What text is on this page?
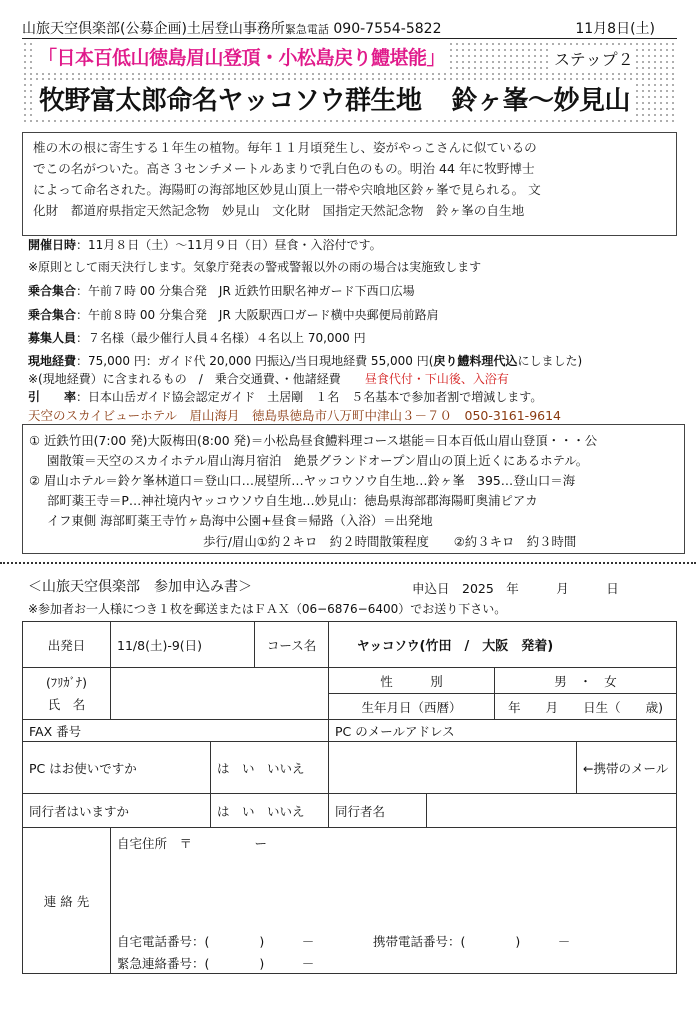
山旅天空倶楽部(公募企画)土居登山事務所緊急電話 090-7554-5822	11月8日(土)
「日本百低山徳島眉山登頂・小松島戻り鱧堪能」	ステップ２
牧野富太郎命名ヤッコソウ群生地 鈴ヶ峯～妙見山
椎の木の根に寄生する１年生の植物。毎年１１月頃発生し、姿がやっこさんに似ているの
でこの名がついた。高さ３センチメートルあまりで乳白色のもの。明治 44 年に牧野博士
によって命名された。海陽町の海部地区妙見山頂上一帯や宍喰地区鈴ヶ峯で見られる。 文
化財　都道府県指定天然記念物　妙見山　文化財　国指定天然記念物　鈴ヶ峯の自生地
開催日時：11月８日（土）～11月９日（日）昼食・入浴付です。
※原則として雨天決行します。気象庁発表の警戒警報以外の雨の場合は実施致します
乗合集合：午前７時 00 分集合発　JR 近鉄竹田駅名神ガード下西口広場
乗合集合：午前８時 00 分集合発　JR 大阪駅西口ガード横中央郵便局前路肩
募集人員：７名様（最少催行人員４名様）４名以上 70,000 円
現地経費：75,000 円：ガイド代 20,000 円振込/当日現地経費 55,000 円(戻り鱧料理代込にしました)
※(現地経費）に含まれるもの　/　乗合交通費、・他諸経費　　 昼食代付・下山後、入浴有
引　　率：日本山岳ガイド協会認定ガイド　土居剛　１名　５名基本で参加者割で増減します。
天空のスカイビューホテル　眉山海月　徳島県徳島市八万町中津山３－７０　050-3161-9614
① 近鉄竹田(7:00 発)大阪梅田(8:00 発)＝小松島昼食鱧料理コース堪能＝日本百低山眉山登頂・・・公
園散策＝天空のスカイホテル眉山海月宿泊　絶景グランドオープン眉山の頂上近くにあるホテル。
② 眉山ホテル＝鈴ケ峯林道口＝登山口…展望所…ヤッコウソウ自生地…鈴ヶ峯　395…登山口＝海
部町薬王寺＝P…神社境内ヤッコウソウ自生地…妙見山：徳島県海部郡海陽町奥浦ピアカ
イフ東側 海部町薬王寺竹ヶ島海中公園+昼食＝帰路（入浴）＝出発地
歩行/眉山①約２キロ　約２時間散策程度　　②約３キロ　約３時間
＜山旅天空倶楽部　参加申込み書＞	申込日　2025　年　　　月　　　日
※参加者お一人様につき１枚を郵送またはＦＡＸ（06−6876−6400）でお送り下さい。
出発日	11/8(土)-9(日)		コース名	ヤッコソウ(竹田　/　大阪　発着)			

(ﾌﾘｶﾞﾅ)
氏　名				性　　　別		男　・　女	
				生年月日（西暦）		年　　月　　日生（　　歳)	
FAX 番号				PC のメールアドレス			
PC はお使いですか		は　い　いいえ					←携帯のメール
同行者はいますか		は　い　いいえ		同行者名			
連 絡 先	自宅住所　〒　　　　　ー
自宅電話番号：(　　　　)　　　－ 携帯電話番号：(　　　　)　　　－
緊急連絡番号：(　　　　)　　　－						
